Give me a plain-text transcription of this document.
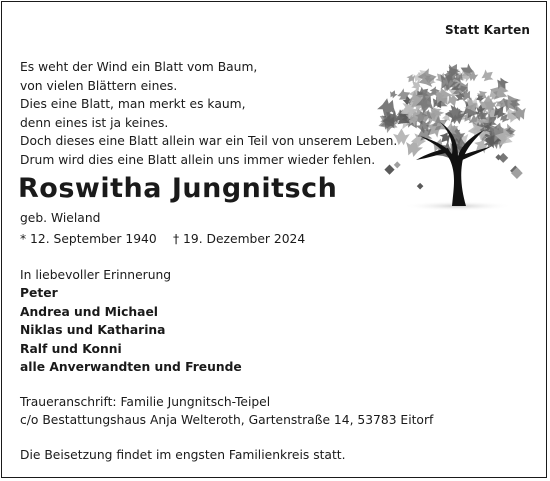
Statt Karten
Es weht der Wind ein Blatt vom Baum,
von vielen Blättern eines.
Dies eine Blatt, man merkt es kaum,
denn eines ist ja keines.
Doch dieses eine Blatt allein war ein Teil von unserem Leben.
Drum wird dies eine Blatt allein uns immer wieder fehlen.
Roswitha Jungnitsch
geb. Wieland
* 12. September 1940 † 19. Dezember 2024
In liebevoller Erinnerung
Peter
Andrea und Michael
Niklas und Katharina
Ralf und Konni
alle Anverwandten und Freunde
Traueranschrift: Familie Jungnitsch-Teipel
c/o Bestattungshaus Anja Welteroth, Gartenstraße 14, 53783 Eitorf
Die Beisetzung findet im engsten Familienkreis statt.
